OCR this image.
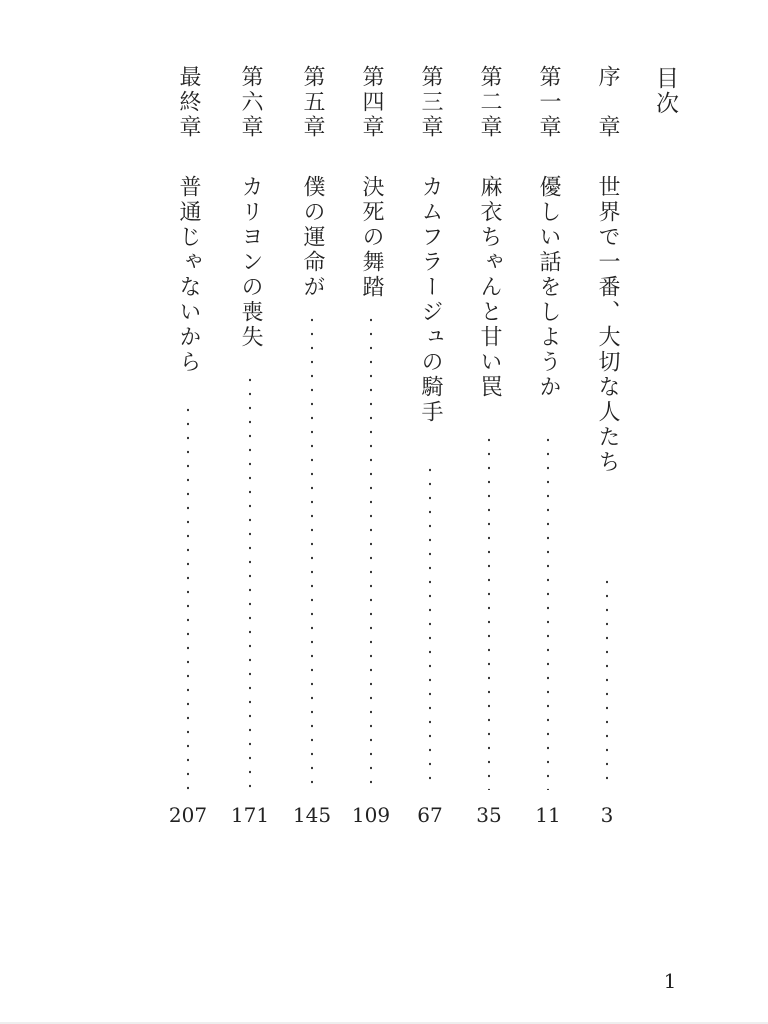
目次
序　章
世界で一番、大切な人たち
3
第一章
優しい話をしようか
11
第二章
麻衣ちゃんと甘い罠
35
第三章
カムフラージュの騎手
67
第四章
決死の舞踏
109
第五章
僕の運命が
145
第六章
カリヨンの喪失
171
最終章
普通じゃないから
207
1
